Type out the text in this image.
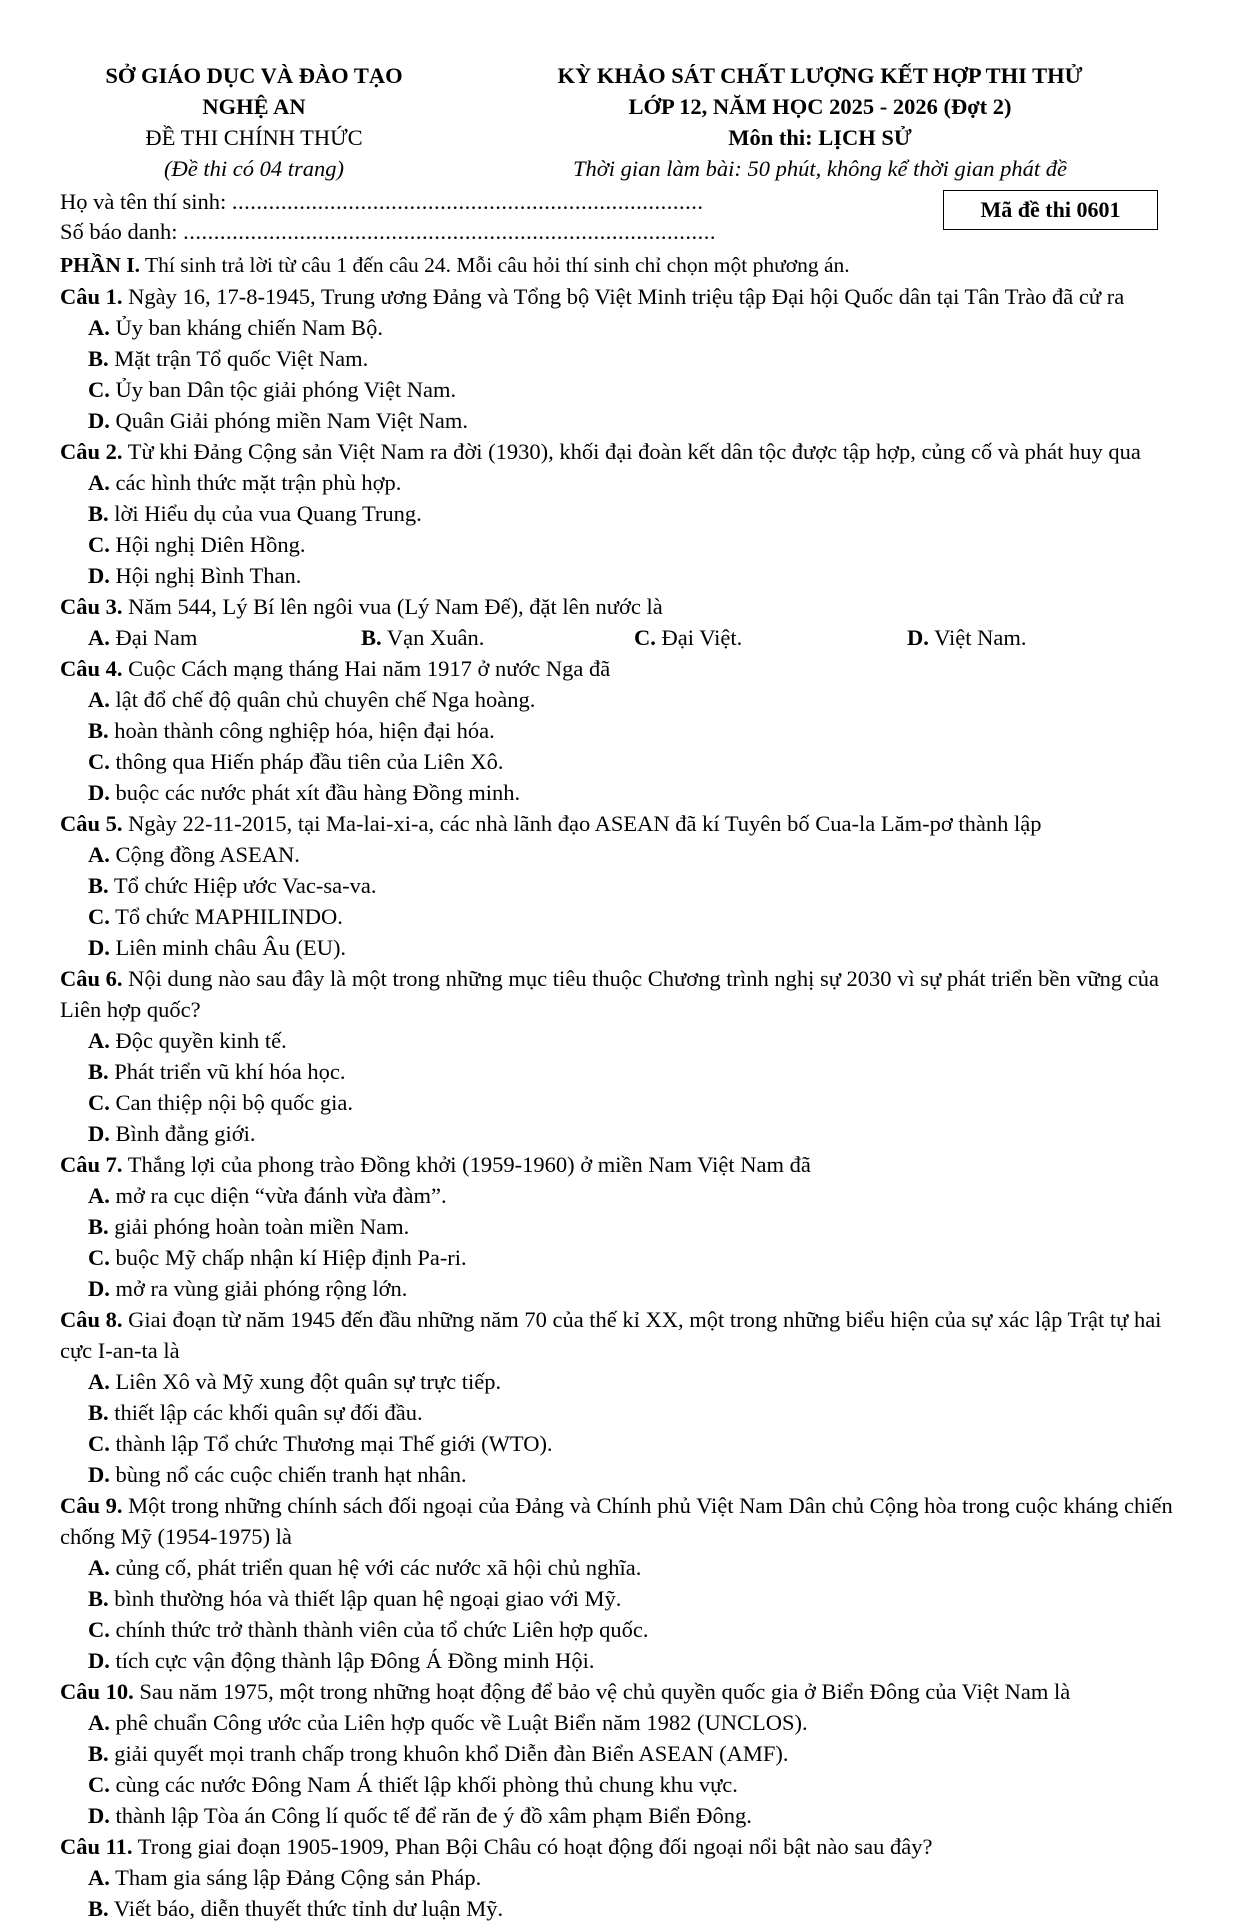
SỞ GIÁO DỤC VÀ ĐÀO TẠO
NGHỆ AN
ĐỀ THI CHÍNH THỨC
(Đề thi có 04 trang)
KỲ KHẢO SÁT CHẤT LƯỢNG KẾT HỢP THI THỬ
LỚP 12, NĂM HỌC 2025 - 2026 (Đợt 2)
Môn thi: LỊCH SỬ
Thời gian làm bài: 50 phút, không kể thời gian phát đề
Họ và tên thí sinh: .............................................................................
Số báo danh: .......................................................................................
Mã đề thi 0601
PHẦN I. Thí sinh trả lời từ câu 1 đến câu 24. Mỗi câu hỏi thí sinh chỉ chọn một phương án.
Câu 1. Ngày 16, 17-8-1945, Trung ương Đảng và Tổng bộ Việt Minh triệu tập Đại hội Quốc dân tại Tân Trào đã cử ra
A. Ủy ban kháng chiến Nam Bộ.
B. Mặt trận Tổ quốc Việt Nam.
C. Ủy ban Dân tộc giải phóng Việt Nam.
D. Quân Giải phóng miền Nam Việt Nam.
Câu 2. Từ khi Đảng Cộng sản Việt Nam ra đời (1930), khối đại đoàn kết dân tộc được tập hợp, củng cố và phát huy qua
A. các hình thức mặt trận phù hợp.
B. lời Hiểu dụ của vua Quang Trung.
C. Hội nghị Diên Hồng.
D. Hội nghị Bình Than.
Câu 3. Năm 544, Lý Bí lên ngôi vua (Lý Nam Đế), đặt lên nước là
A. Đại Nam	B. Vạn Xuân.	C. Đại Việt.	D. Việt Nam.
Câu 4. Cuộc Cách mạng tháng Hai năm 1917 ở nước Nga đã
A. lật đổ chế độ quân chủ chuyên chế Nga hoàng.
B. hoàn thành công nghiệp hóa, hiện đại hóa.
C. thông qua Hiến pháp đầu tiên của Liên Xô.
D. buộc các nước phát xít đầu hàng Đồng minh.
Câu 5. Ngày 22-11-2015, tại Ma-lai-xi-a, các nhà lãnh đạo ASEAN đã kí Tuyên bố Cua-la Lăm-pơ thành lập
A. Cộng đồng ASEAN.
B. Tổ chức Hiệp ước Vac-sa-va.
C. Tổ chức MAPHILINDO.
D. Liên minh châu Âu (EU).
Câu 6. Nội dung nào sau đây là một trong những mục tiêu thuộc Chương trình nghị sự 2030 vì sự phát triển bền vững của Liên hợp quốc?
A. Độc quyền kinh tế.
B. Phát triển vũ khí hóa học.
C. Can thiệp nội bộ quốc gia.
D. Bình đẳng giới.
Câu 7. Thắng lợi của phong trào Đồng khởi (1959-1960) ở miền Nam Việt Nam đã
A. mở ra cục diện “vừa đánh vừa đàm”.
B. giải phóng hoàn toàn miền Nam.
C. buộc Mỹ chấp nhận kí Hiệp định Pa-ri.
D. mở ra vùng giải phóng rộng lớn.
Câu 8. Giai đoạn từ năm 1945 đến đầu những năm 70 của thế kỉ XX, một trong những biểu hiện của sự xác lập Trật tự hai cực I-an-ta là
A. Liên Xô và Mỹ xung đột quân sự trực tiếp.
B. thiết lập các khối quân sự đối đầu.
C. thành lập Tổ chức Thương mại Thế giới (WTO).
D. bùng nổ các cuộc chiến tranh hạt nhân.
Câu 9. Một trong những chính sách đối ngoại của Đảng và Chính phủ Việt Nam Dân chủ Cộng hòa trong cuộc kháng chiến chống Mỹ (1954-1975) là
A. củng cố, phát triển quan hệ với các nước xã hội chủ nghĩa.
B. bình thường hóa và thiết lập quan hệ ngoại giao với Mỹ.
C. chính thức trở thành thành viên của tổ chức Liên hợp quốc.
D. tích cực vận động thành lập Đông Á Đồng minh Hội.
Câu 10. Sau năm 1975, một trong những hoạt động để bảo vệ chủ quyền quốc gia ở Biển Đông của Việt Nam là
A. phê chuẩn Công ước của Liên hợp quốc về Luật Biển năm 1982 (UNCLOS).
B. giải quyết mọi tranh chấp trong khuôn khổ Diễn đàn Biển ASEAN (AMF).
C. cùng các nước Đông Nam Á thiết lập khối phòng thủ chung khu vực.
D. thành lập Tòa án Công lí quốc tế để răn đe ý đồ xâm phạm Biển Đông.
Câu 11. Trong giai đoạn 1905-1909, Phan Bội Châu có hoạt động đối ngoại nổi bật nào sau đây?
A. Tham gia sáng lập Đảng Cộng sản Pháp.
B. Viết báo, diễn thuyết thức tỉnh dư luận Mỹ.
